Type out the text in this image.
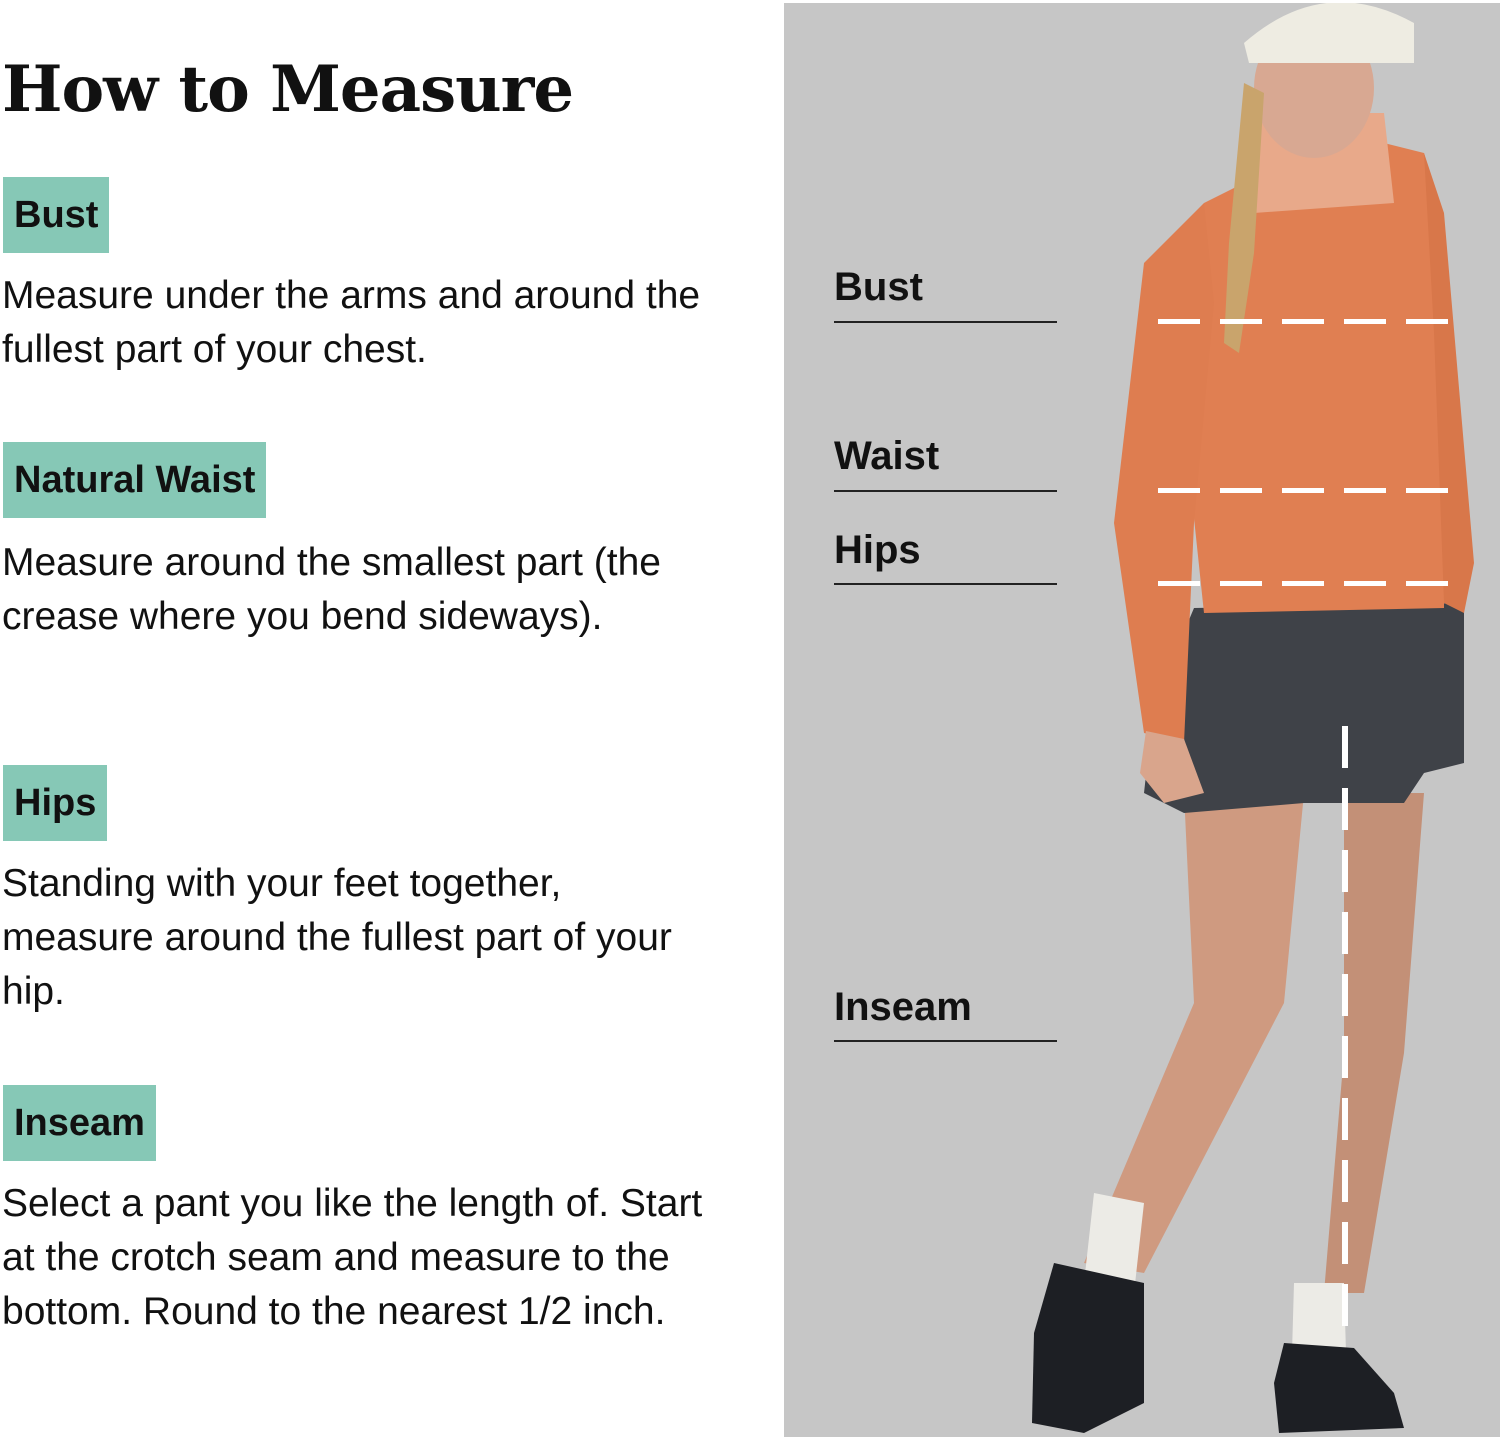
How to Measure
Bust

Measure under the arms and around the fullest part of your chest.

Natural Waist

Measure around the smallest part (the crease where you bend sideways).

Hips

Standing with your feet together, measure around the fullest part of your hip.

Inseam

Select a pant you like the length of. Start at the crotch seam and measure to the bottom. Round to the nearest 1/2 inch.

Bust
Waist
Hips
Inseam
